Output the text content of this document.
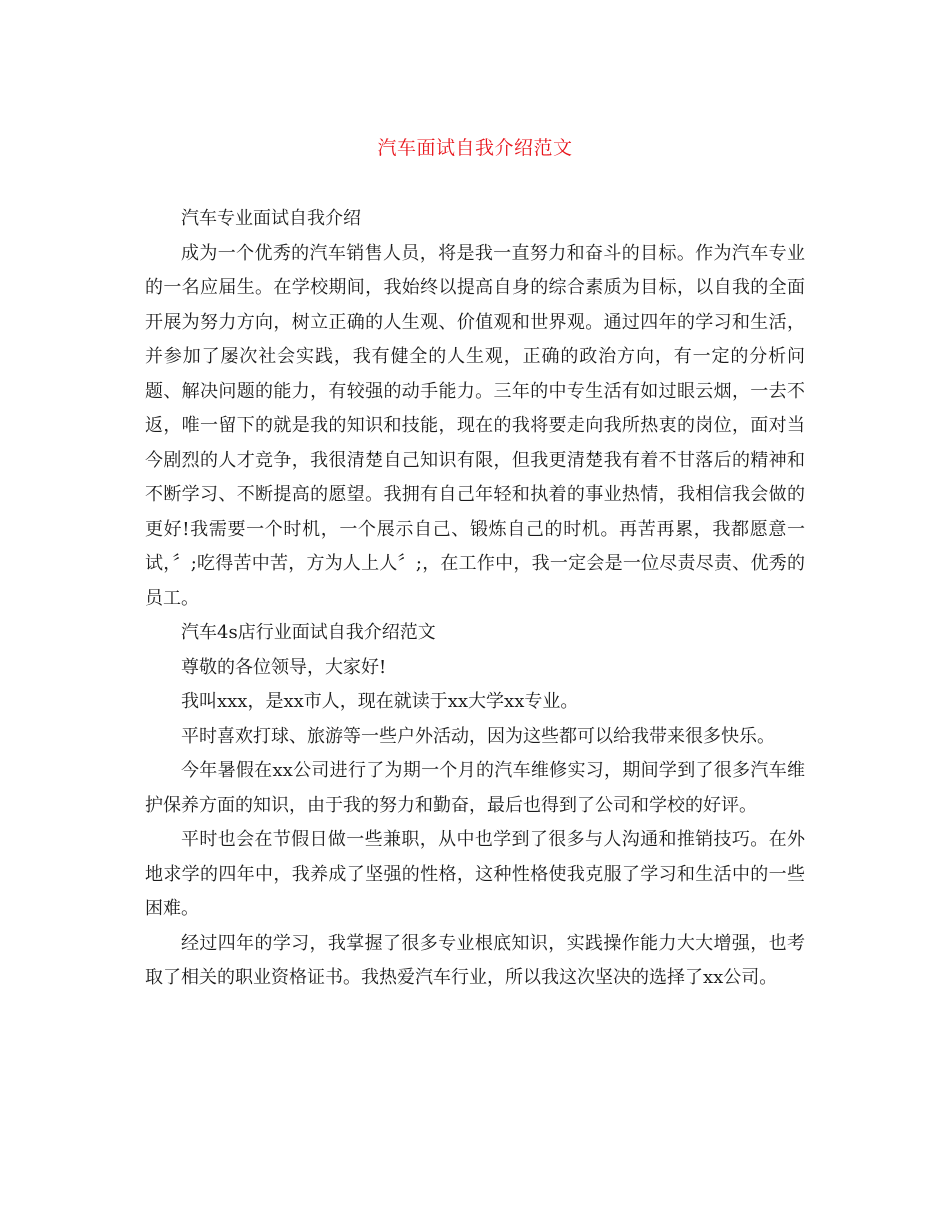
汽车面试自我介绍范文

汽车专业面试自我介绍

成为一个优秀的汽车销售人员，将是我一直努力和奋斗的目标。作为汽车专业的一名应届生。在学校期间，我始终以提高自身的综合素质为目标，以自我的全面开展为努力方向，树立正确的人生观、价值观和世界观。通过四年的学习和生活，并参加了屡次社会实践，我有健全的人生观，正确的政治方向，有一定的分析问题、解决问题的能力，有较强的动手能力。三年的中专生活有如过眼云烟，一去不返，唯一留下的就是我的知识和技能，现在的我将要走向我所热衷的岗位，面对当今剧烈的人才竞争，我很清楚自己知识有限，但我更清楚我有着不甘落后的精神和不断学习、不断提高的愿望。我拥有自己年轻和执着的事业热情，我相信我会做的更好!我需要一个时机，一个展示自己、锻炼自己的时机。再苦再累，我都愿意一试，〞;吃得苦中苦，方为人上人〞;，在工作中，我一定会是一位尽责尽责、优秀的员工。

汽车4s店行业面试自我介绍范文

尊敬的各位领导，大家好!

我叫xxx，是xx市人，现在就读于xx大学xx专业。

平时喜欢打球、旅游等一些户外活动，因为这些都可以给我带来很多快乐。

今年暑假在xx公司进行了为期一个月的汽车维修实习，期间学到了很多汽车维护保养方面的知识，由于我的努力和勤奋，最后也得到了公司和学校的好评。

平时也会在节假日做一些兼职，从中也学到了很多与人沟通和推销技巧。在外地求学的四年中，我养成了坚强的性格，这种性格使我克服了学习和生活中的一些困难。

经过四年的学习，我掌握了很多专业根底知识，实践操作能力大大增强，也考取了相关的职业资格证书。我热爱汽车行业，所以我这次坚决的选择了xx公司。
